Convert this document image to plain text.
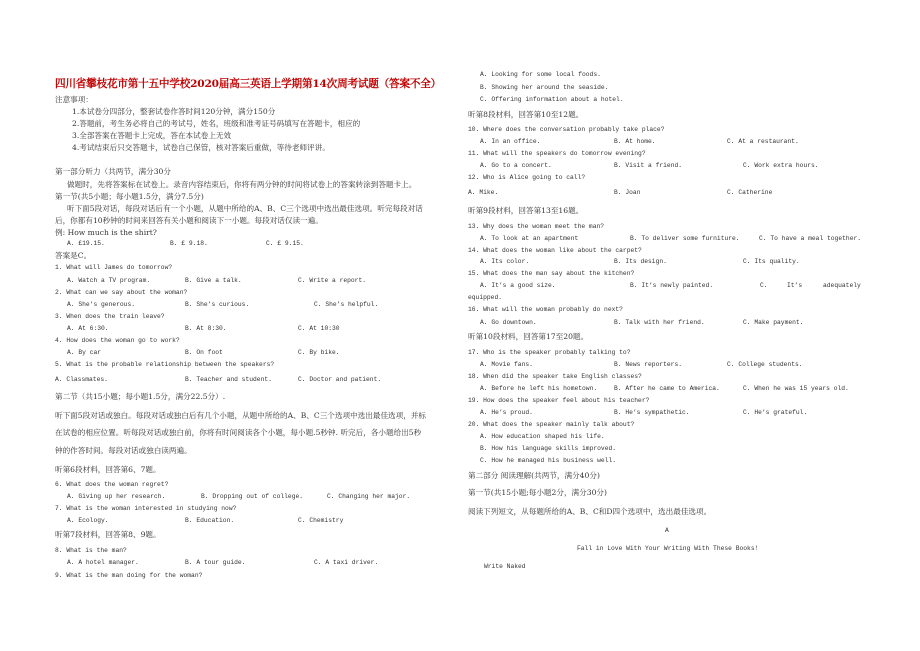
四川省攀枝花市第十五中学校2020届高三英语上学期第14次周考试题（答案不全）
注意事项：
1.本试卷分四部分，整套试卷作答时间120分钟，满分150分
2.答题前，考生务必将自己的考试号，姓名，班级和准考证号码填写在答题卡，相应的
3.全部答案在答题卡上完成，答在本试卷上无效
4.考试结束后只交答题卡，试卷自己保管，核对答案后重做，等待老师评讲。
第一部分听力（共两节，满分30分
做题时，先将答案标在试卷上。录音内容结束后，你将有两分钟的时间将试卷上的答案转涂到答题卡上。
第一节(共5小题；每小题1.5分，满分7.5分)
听下面5段对话，每段对话后有一个小题，从题中所给的A、B、C三个选项中选出最佳选项。听完每段对话
后，你都有10秒钟的时间来回答有关小题和阅读下一小题。每段对话仅读一遍。
例: How much is the shirt?
A. £19.15.	B. £ 9.18.	C. £ 9.15.
答案是C。
1. What will James do tomorrow?
A. Watch a TV program.	B. Give a talk.	C. Write a report.
2. What can we say about the woman?
A. She’s generous.	B. She’s curious.	C. She’s helpful.
3. When does the train leave?
A. At 6:30.	B. At 8:30.	C. At 10:30
4. How does the woman go to work?
A. By car	B. On foot	C. By bike.
5. What is the probable relationship between the speakers?
A. Classmates.	B. Teacher and student.	C. Doctor and patient.
第二节（共15小题；每小题1.5分，满分22.5分）.
听下面5段对话或独白。每段对话或独白后有几个小题，从题中所给的A、B、C三个选项中选出最佳选项，并标
在试卷的相应位置。听每段对话或独白前，你将有时间阅读各个小题，每小题.5秒钟. 听完后，各小题给出5秒
钟的作答时间。每段对话或独白读两遍。
听第6段材料，回答第6、7题。
6. What does the woman regret?
A. Giving up her research.	B. Dropping out of college.	C. Changing her major.
7. What is the woman interested in studying now?
A. Ecology.	B. Education.	C. Chemistry
听第7段材料，回答第8、9题。
8. What is the man?
A. A hotel manager.	B. A tour guide.	C. A taxi driver.
9. What is the man doing for the woman?
A. Looking for some local foods.
B. Showing her around the seaside.
C. Offering information about a hotel.
听第8段材料，回答第10至12题。
10. Where does the conversation probably take place?
A. In an office.	B. At home.	C. At a restaurant.
11. What will the speakers do tomorrow evening?
A. Go to a concert.	B. Visit a friend.	C. Work extra hours.
12. Who is Alice going to call?
A. Mike.	B. Joan	C. Catherine
听第9段材料，回答第13至16题。
13. Why does the woman meet the man?
A. To look at an apartment	B. To deliver some furniture.	C. To have a meal together.
14. What does the woman like about the carpet?
A. Its color.	B. Its design.	C. Its quality.
15. What does the man say about the kitchen?
A. It’s a good size.	B. It’s newly painted.	C.	It’s	adequately
equipped.
16. What will the woman probably do next?
A. Go downtown.	B. Talk with her friend.	C. Make payment.
听第10段材料，回答第17至20题。
17. Who is the speaker probably talking to?
A. Movie fans.	B. News reporters.	C. College students.
18. When did the speaker take English classes?
A. Before he left his hometown.	B. After he came to America.	C. When he was 15 years old.
19. How does the speaker feel about his teacher?
A. He’s proud.	B. He’s sympathetic.	C. He’s grateful.
20. What does the speaker mainly talk about?
A. How education shaped his life.
B. How his language skills improved.
C. How he managed his business well.
第二部分 阅读理解(共两节，满分40分)
第一节(共15小题;每小题2分，满分30分)
阅读下列短文，从每题所给的A、B、C和D四个选项中，选出最佳选项。
A
Fall in Love With Your Writing With These Books!
Write Naked
